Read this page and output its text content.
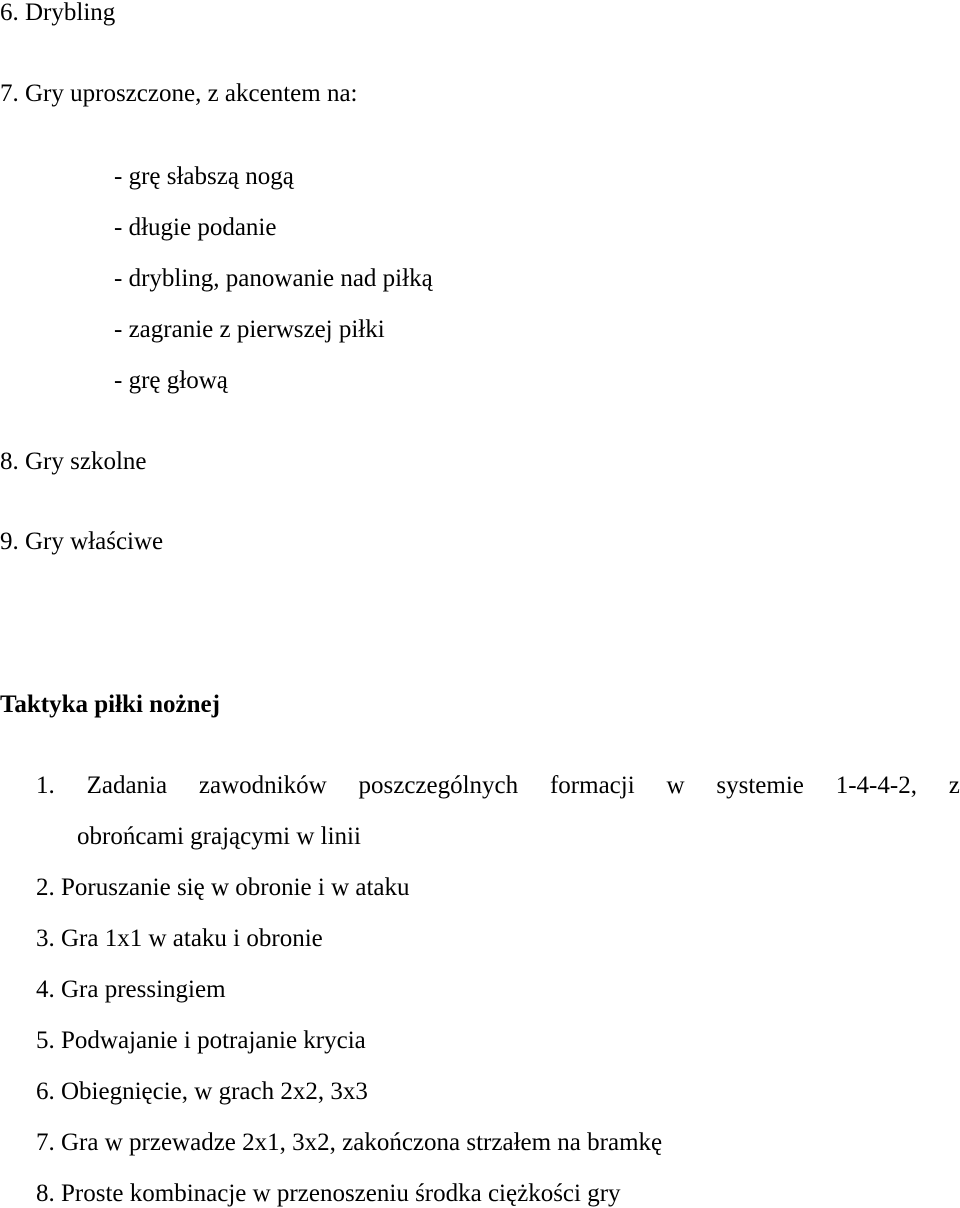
6. Drybling
7. Gry uproszczone, z akcentem na:
- grę słabszą nogą
- długie podanie
- drybling, panowanie nad piłką
- zagranie z pierwszej piłki
- grę głową
8. Gry szkolne
9. Gry właściwe
Taktyka piłki nożnej
1. Zadania zawodników poszczególnych formacji w systemie 1-4-4-2, z
obrońcami grającymi w linii
2. Poruszanie się w obronie i w ataku
3. Gra 1x1 w ataku i obronie
4. Gra pressingiem
5. Podwajanie i potrajanie krycia
6. Obiegnięcie, w grach 2x2, 3x3
7. Gra w przewadze 2x1, 3x2, zakończona strzałem na bramkę
8. Proste kombinacje w przenoszeniu środka ciężkości gry
